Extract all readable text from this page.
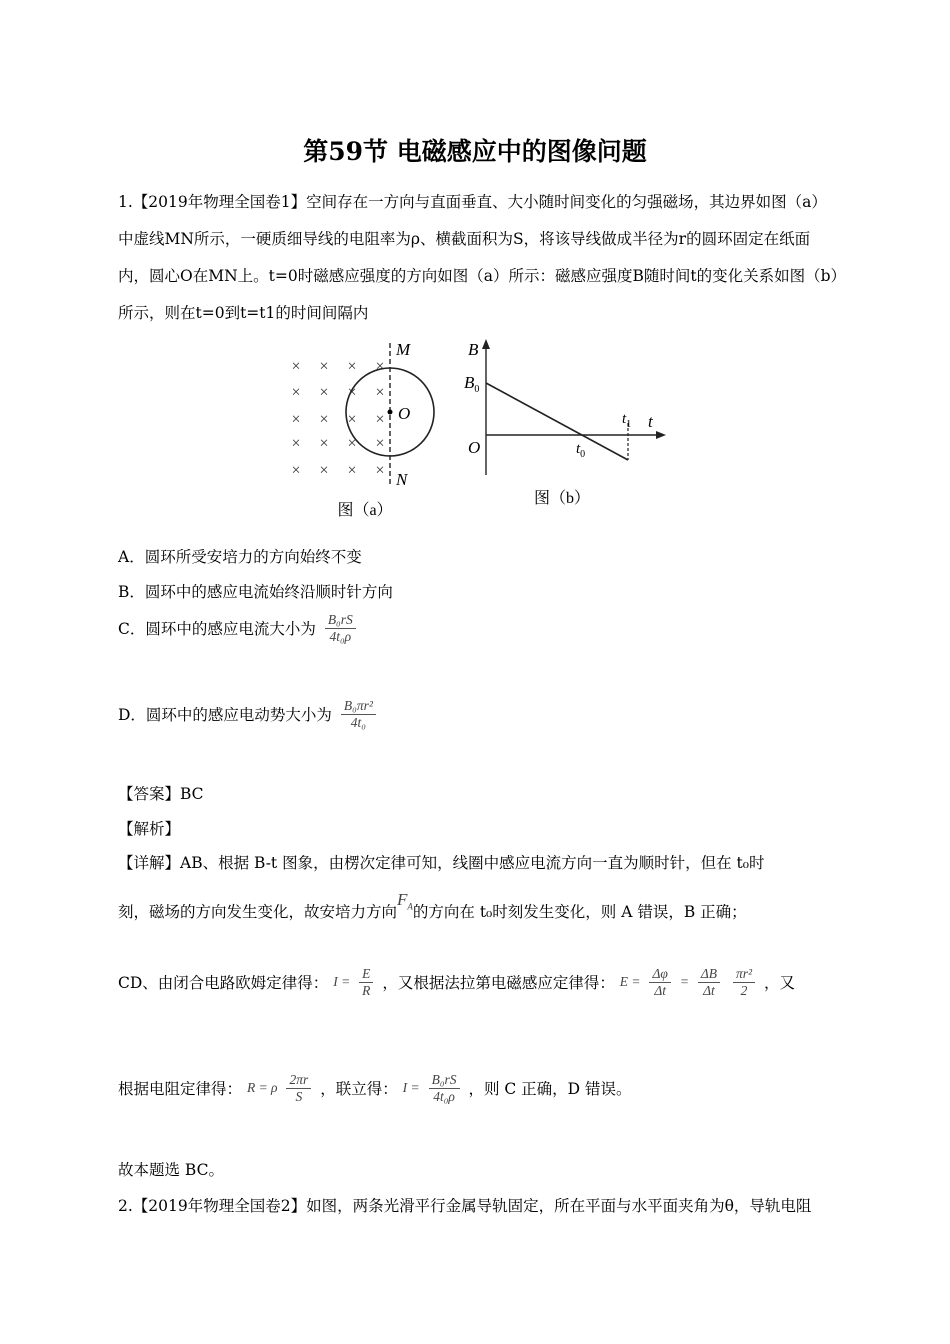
第59节 电磁感应中的图像问题
1.【2019年物理全国卷1】空间存在一方向与直面垂直、大小随时间变化的匀强磁场，其边界如图（a）
中虚线MN所示，一硬质细导线的电阻率为ρ、横截面积为S，将该导线做成半径为r的圆环固定在纸面
内，圆心O在MN上。t=0时磁感应强度的方向如图（a）所示：磁感应强度B随时间t的变化关系如图（b）
所示，则在t=0到t=t1的时间间隔内
× × × ×
× × × ×
× × × ×
× × × ×
× × × ×
M
O
N
图（a）
B
$B_0$
O
t
$t_0$
$t_1$
图（b）
A．圆环所受安培力的方向始终不变
B．圆环中的感应电流始终沿顺时针方向
C．圆环中的感应电流大小为 $\frac{\text{B₀rS}}{\text{4t₀ρ}}$
D．圆环中的感应电动势大小为 $\frac{\text{B₀πr²}}{\text{4t₀}}$
【答案】BC
【解析】
【详解】AB、根据 B-t 图象，由楞次定律可知，线圈中感应电流方向一直为顺时针，但在 t₀时
刻，磁场的方向发生变化，故安培力方向$F_A$的方向在 t₀时刻发生变化，则 A 错误，B 正确；
CD、由闭合电路欧姆定律得： $I = \frac{E}{R}$ ，又根据法拉第电磁感应定律得： $E = \frac{\Delta\varphi}{\Delta t} = \frac{\Delta B}{\Delta t}$
$\frac{\text{πr²}}{2}$ ，又
根据电阻定律得： R = ρ $\frac{2\pi r}{S}$ ，联立得： $I = \frac{\text{B₀rS}}{\text{4t₀ρ}}$ ，则 C 正确，D 错误。
故本题选 BC。
2.【2019年物理全国卷2】如图，两条光滑平行金属导轨固定，所在平面与水平面夹角为θ，导轨电阻
